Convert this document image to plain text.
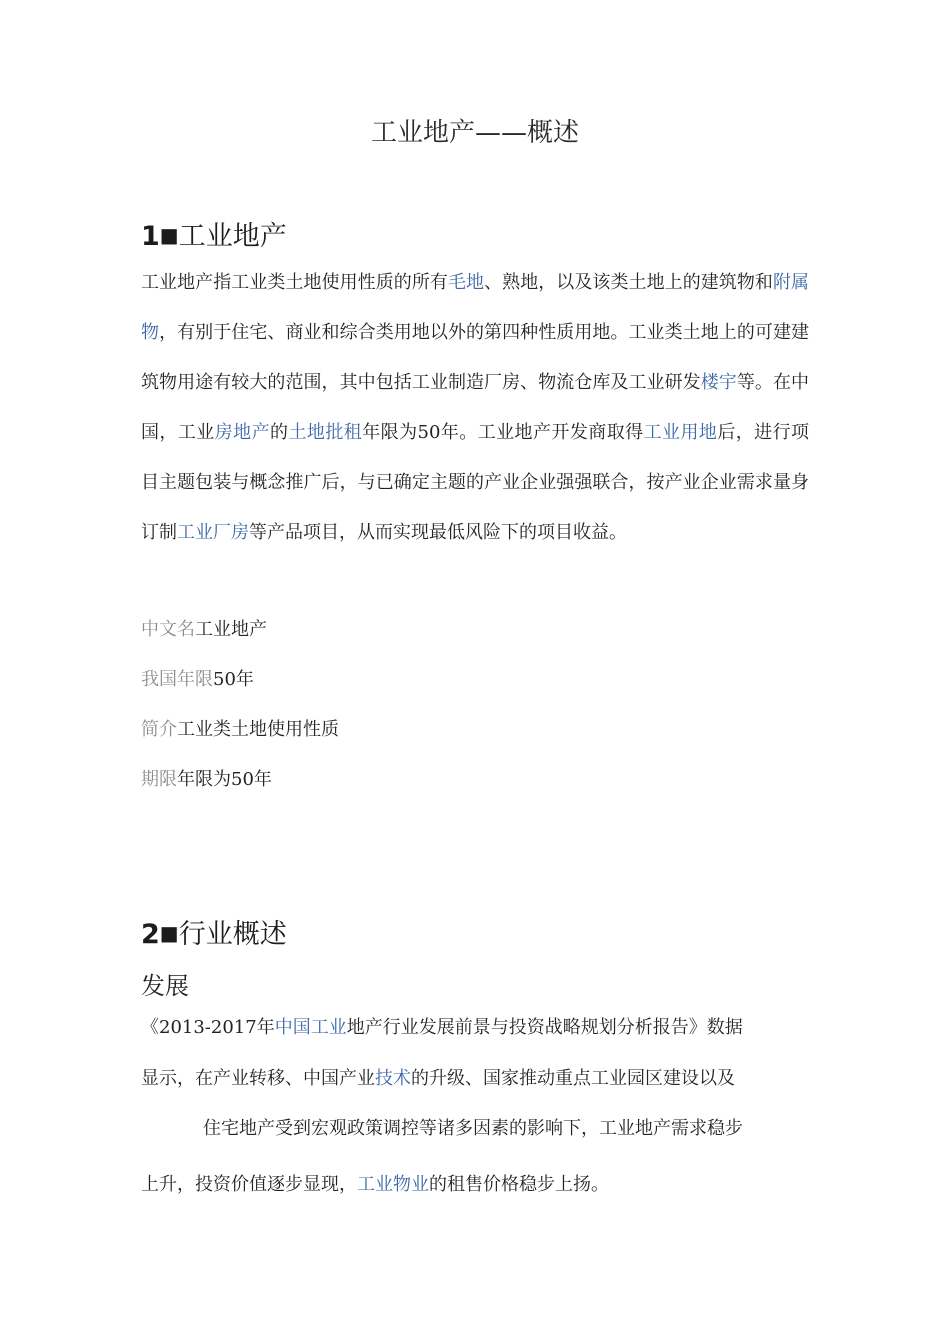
工业地产——概述
1■工业地产
工业地产指工业类土地使用性质的所有毛地、熟地，以及该类土地上的建筑物和附属物，有别于住宅、商业和综合类用地以外的第四种性质用地。工业类土地上的可建建筑物用途有较大的范围，其中包括工业制造厂房、物流仓库及工业研发楼宇等。在中国，工业房地产的土地批租年限为50年。工业地产开发商取得工业用地后，进行项目主题包装与概念推广后，与已确定主题的产业企业强强联合，按产业企业需求量身订制工业厂房等产品项目，从而实现最低风险下的项目收益。
中文名工业地产
我国年限50年
简介工业类土地使用性质
期限年限为50年
2■行业概述
发展
《2013-2017年中国工业地产行业发展前景与投资战略规划分析报告》数据
显示，在产业转移、中国产业技术的升级、国家推动重点工业园区建设以及
住宅地产受到宏观政策调控等诸多因素的影响下，工业地产需求稳步
上升，投资价值逐步显现，工业物业的租售价格稳步上扬。
